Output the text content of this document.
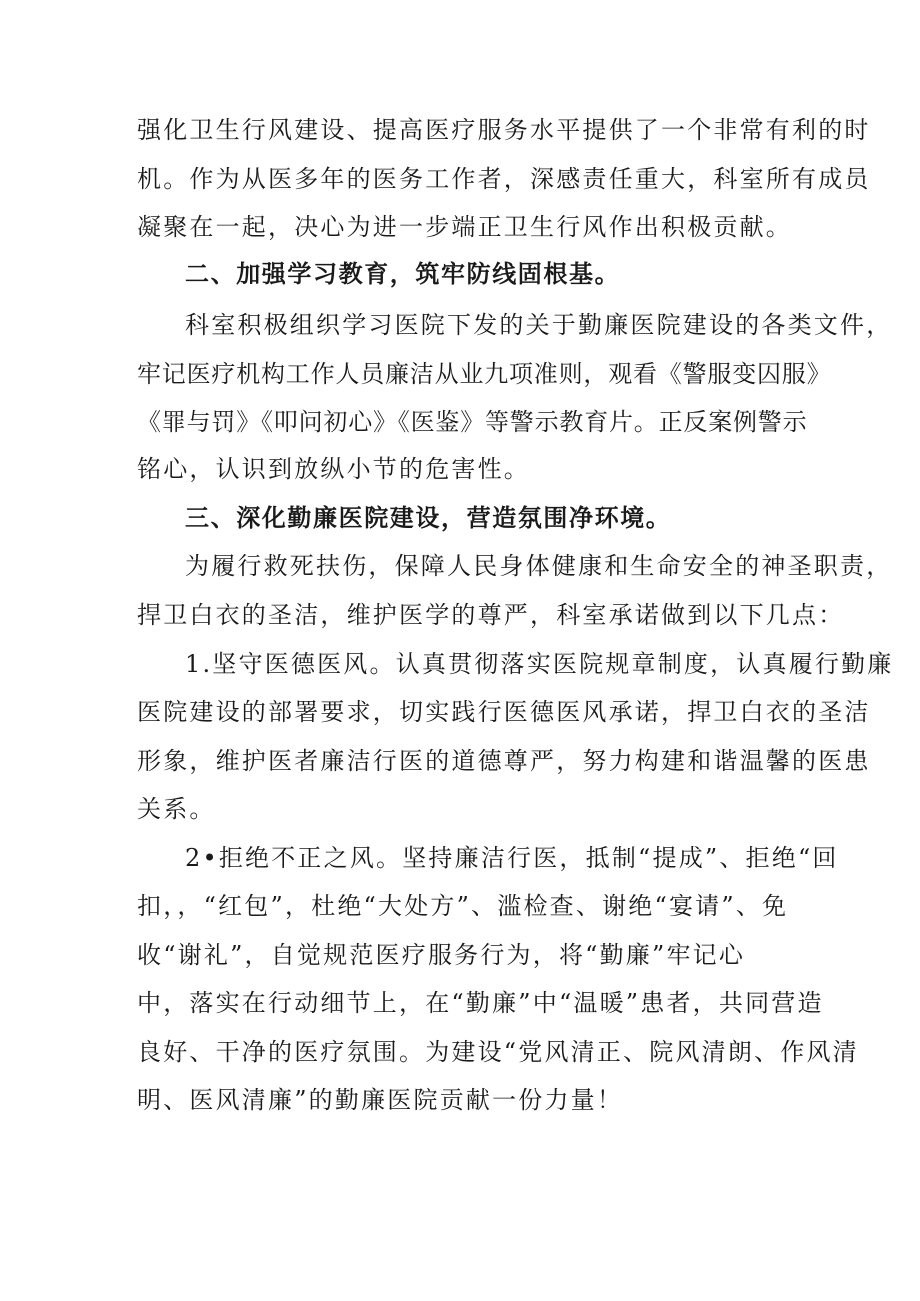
强化卫生行风建设、提高医疗服务水平提供了一个非常有利的时
机。作为从医多年的医务工作者，深感责任重大，科室所有成员
凝聚在一起，决心为进一步端正卫生行风作出积极贡献。
二、加强学习教育，筑牢防线固根基。
科室积极组织学习医院下发的关于勤廉医院建设的各类文件，
牢记医疗机构工作人员廉洁从业九项准则，观看《警服变囚服》
《罪与罚》《叩问初心》《医鉴》等警示教育片。正反案例警示
铭心，认识到放纵小节的危害性。
三、深化勤廉医院建设，营造氛围净环境。
为履行救死扶伤，保障人民身体健康和生命安全的神圣职责，
捍卫白衣的圣洁，维护医学的尊严，科室承诺做到以下几点：
1.坚守医德医风。认真贯彻落实医院规章制度，认真履行勤廉
医院建设的部署要求，切实践行医德医风承诺，捍卫白衣的圣洁
形象，维护医者廉洁行医的道德尊严，努力构建和谐温馨的医患
关系。
2•拒绝不正之风。坚持廉洁行医，抵制“提成”、拒绝“回
扣，，“红包”，杜绝“大处方”、滥检查、谢绝“宴请”、免
收“谢礼”，自觉规范医疗服务行为，将“勤廉”牢记心
中，落实在行动细节上，在“勤廉”中“温暖”患者，共同营造
良好、干净的医疗氛围。为建设“党风清正、院风清朗、作风清
明、医风清廉”的勤廉医院贡献一份力量！
